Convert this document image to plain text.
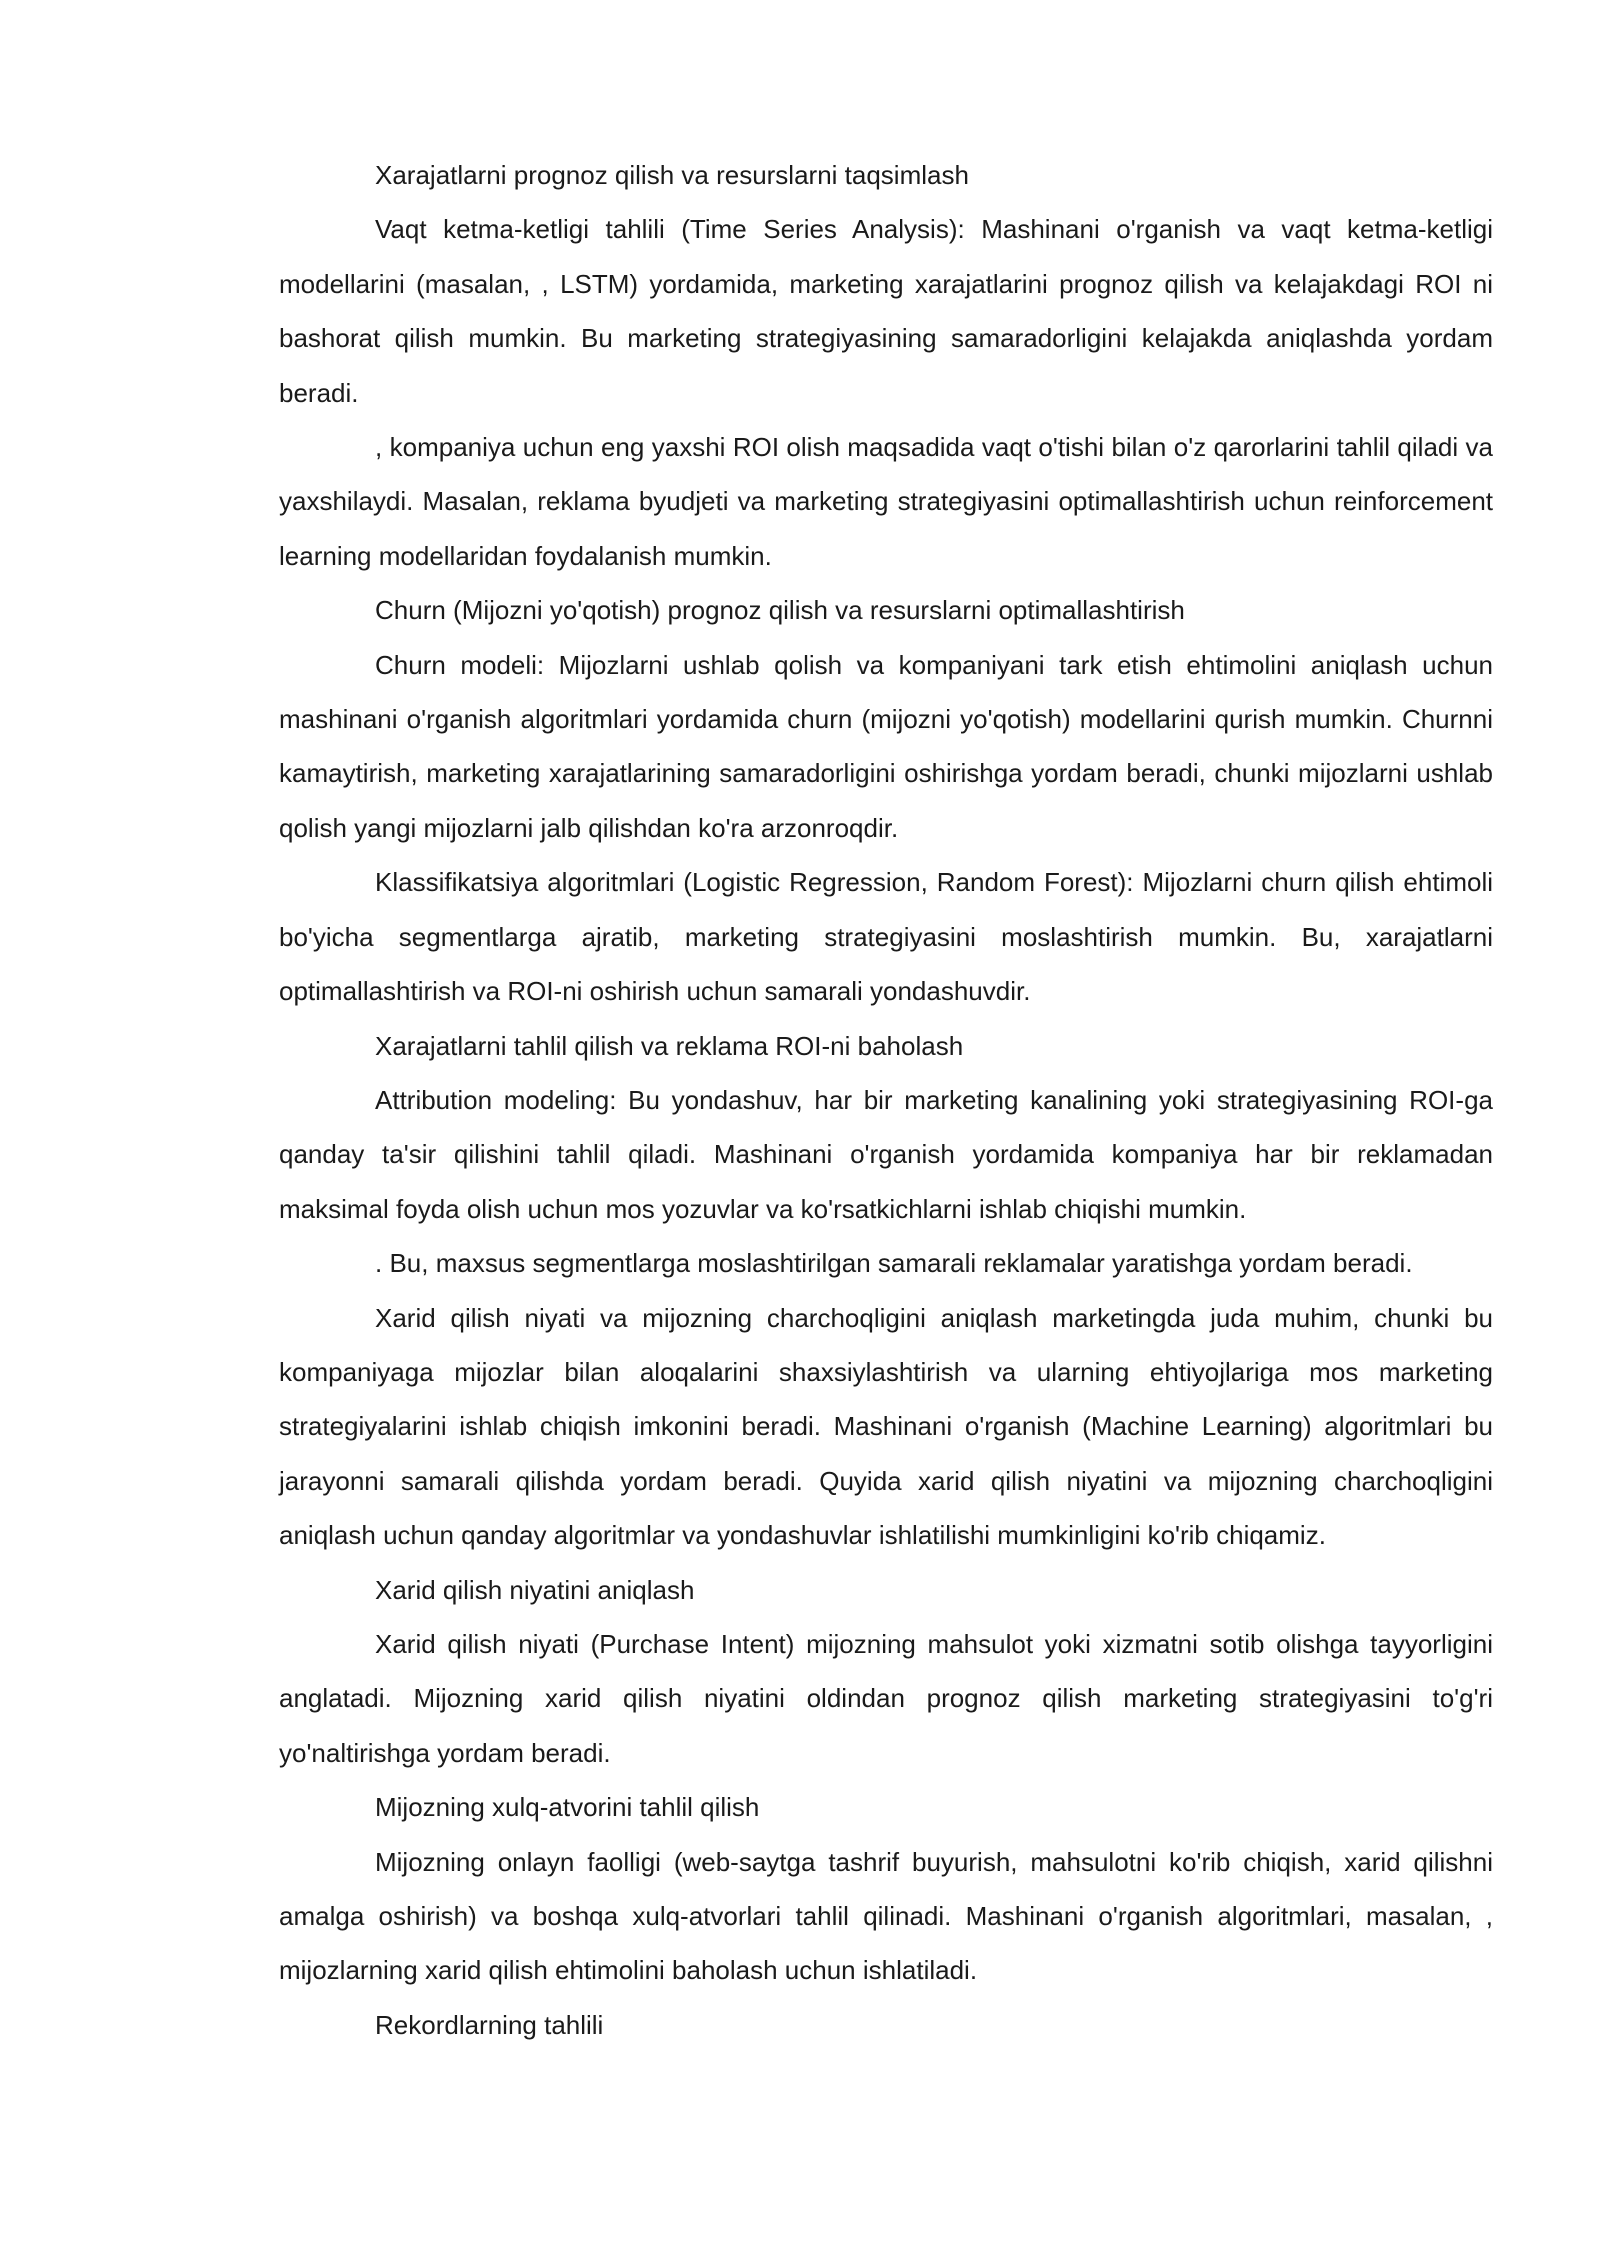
Xarajatlarni prognoz qilish va resurslarni taqsimlash

Vaqt ketma-ketligi tahlili (Time Series Analysis): Mashinani o'rganish va vaqt ketma-ketligi modellarini (masalan, , LSTM) yordamida, marketing xarajatlarini prognoz qilish va kelajakdagi ROI ni bashorat qilish mumkin. Bu marketing strategiyasining samaradorligini kelajakda aniqlashda yordam beradi.

, kompaniya uchun eng yaxshi ROI olish maqsadida vaqt o'tishi bilan o'z qarorlarini tahlil qiladi va yaxshilaydi. Masalan, reklama byudjeti va marketing strategiyasini optimallashtirish uchun reinforcement learning modellaridan foydalanish mumkin.

Churn (Mijozni yo'qotish) prognoz qilish va resurslarni optimallashtirish

Churn modeli: Mijozlarni ushlab qolish va kompaniyani tark etish ehtimolini aniqlash uchun mashinani o'rganish algoritmlari yordamida churn (mijozni yo'qotish) modellarini qurish mumkin. Churnni kamaytirish, marketing xarajatlarining samaradorligini oshirishga yordam beradi, chunki mijozlarni ushlab qolish yangi mijozlarni jalb qilishdan ko'ra arzonroqdir.

Klassifikatsiya algoritmlari (Logistic Regression, Random Forest): Mijozlarni churn qilish ehtimoli bo'yicha segmentlarga ajratib, marketing strategiyasini moslashtirish mumkin. Bu, xarajatlarni optimallashtirish va ROI-ni oshirish uchun samarali yondashuvdir.

Xarajatlarni tahlil qilish va reklama ROI-ni baholash

Attribution modeling: Bu yondashuv, har bir marketing kanalining yoki strategiyasining ROI-ga qanday ta'sir qilishini tahlil qiladi. Mashinani o'rganish yordamida kompaniya har bir reklamadan maksimal foyda olish uchun mos yozuvlar va ko'rsatkichlarni ishlab chiqishi mumkin.

. Bu, maxsus segmentlarga moslashtirilgan samarali reklamalar yaratishga yordam beradi.

Xarid qilish niyati va mijozning charchoqligini aniqlash marketingda juda muhim, chunki bu kompaniyaga mijozlar bilan aloqalarini shaxsiylashtirish va ularning ehtiyojlariga mos marketing strategiyalarini ishlab chiqish imkonini beradi. Mashinani o'rganish (Machine Learning) algoritmlari bu jarayonni samarali qilishda yordam beradi. Quyida xarid qilish niyatini va mijozning charchoqligini aniqlash uchun qanday algoritmlar va yondashuvlar ishlatilishi mumkinligini ko'rib chiqamiz.

Xarid qilish niyatini aniqlash

Xarid qilish niyati (Purchase Intent) mijozning mahsulot yoki xizmatni sotib olishga tayyorligini anglatadi. Mijozning xarid qilish niyatini oldindan prognoz qilish marketing strategiyasini to'g'ri yo'naltirishga yordam beradi.

Mijozning xulq-atvorini tahlil qilish

Mijozning onlayn faolligi (web-saytga tashrif buyurish, mahsulotni ko'rib chiqish, xarid qilishni amalga oshirish) va boshqa xulq-atvorlari tahlil qilinadi. Mashinani o'rganish algoritmlari, masalan, , mijozlarning xarid qilish ehtimolini baholash uchun ishlatiladi.

Rekordlarning tahlili
